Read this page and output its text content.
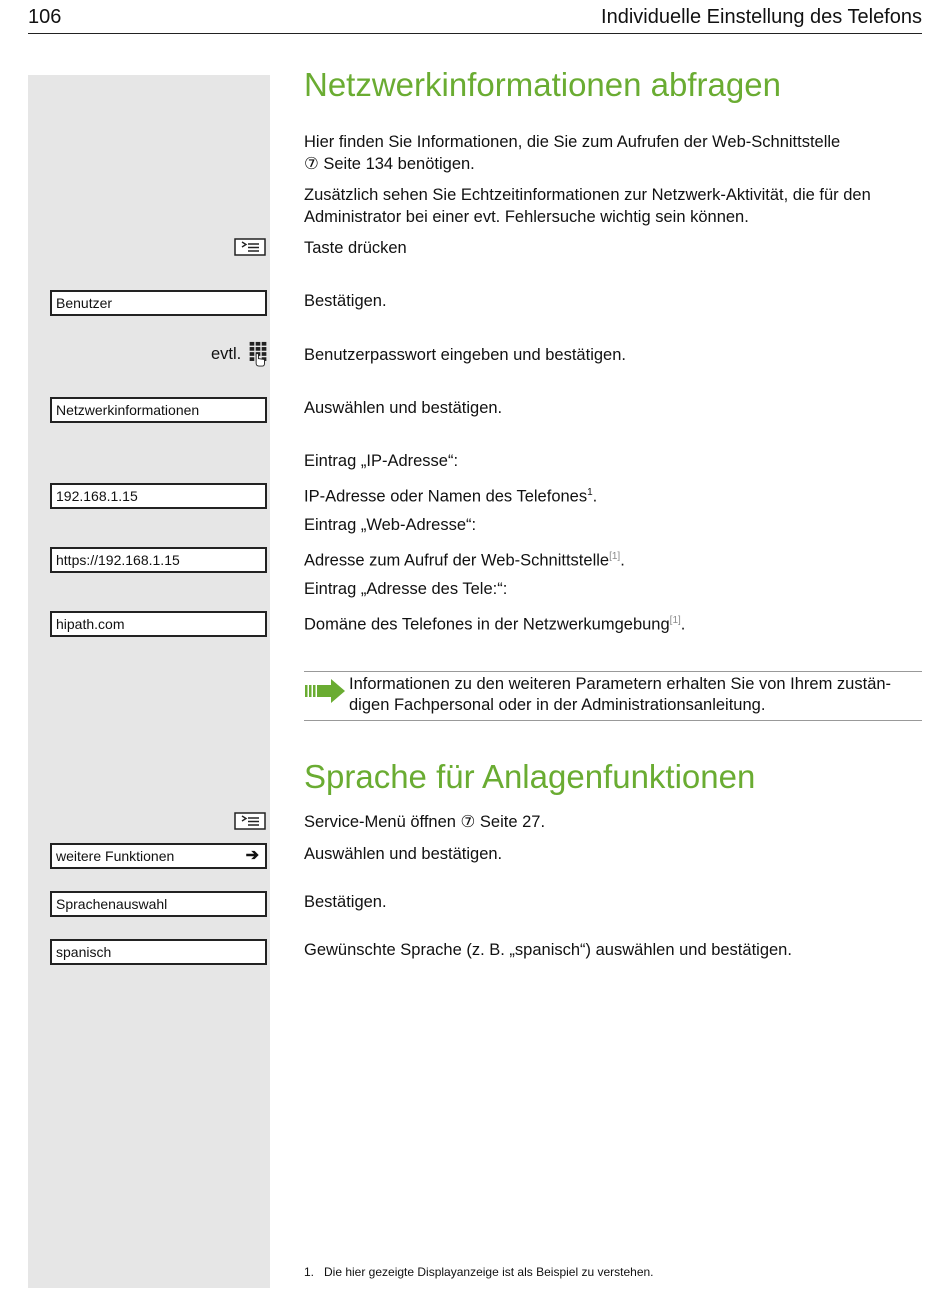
106	Individuelle Einstellung des Telefons
Netzwerkinformationen abfragen

Hier finden Sie Informationen, die Sie zum Aufrufen der Web-Schnittstelle
⑦ Seite 134 benötigen.

Zusätzlich sehen Sie Echtzeitinformationen zur Netzwerk-Aktivität, die für den Administrator bei einer evt. Fehlersuche wichtig sein können.

Taste drücken

Benutzer	Bestätigen.

evtl.	Benutzerpasswort eingeben und bestätigen.

Netzwerkinformationen	Auswählen und bestätigen.

Eintrag „IP-Adresse“:

192.168.1.15	IP-Adresse oder Namen des Telefones$^1$.

Eintrag „Web-Adresse“:

https://192.168.1.15	Adresse zum Aufruf der Web-Schnittstelle[1].

Eintrag „Adresse des Tele:“:

hipath.com	Domäne des Telefones in der Netzwerkumgebung[1].

Informationen zu den weiteren Parametern erhalten Sie von Ihrem zustän-digen Fachpersonal oder in der Administrationsanleitung.

Sprache für Anlagenfunktionen

Service-Menü öffnen ⑦ Seite 27.

weitere Funktionen	➔	Auswählen und bestätigen.

Sprachenauswahl	Bestätigen.

spanisch	Gewünschte Sprache (z. B. „spanisch“) auswählen und bestätigen.

1. Die hier gezeigte Displayanzeige ist als Beispiel zu verstehen.
